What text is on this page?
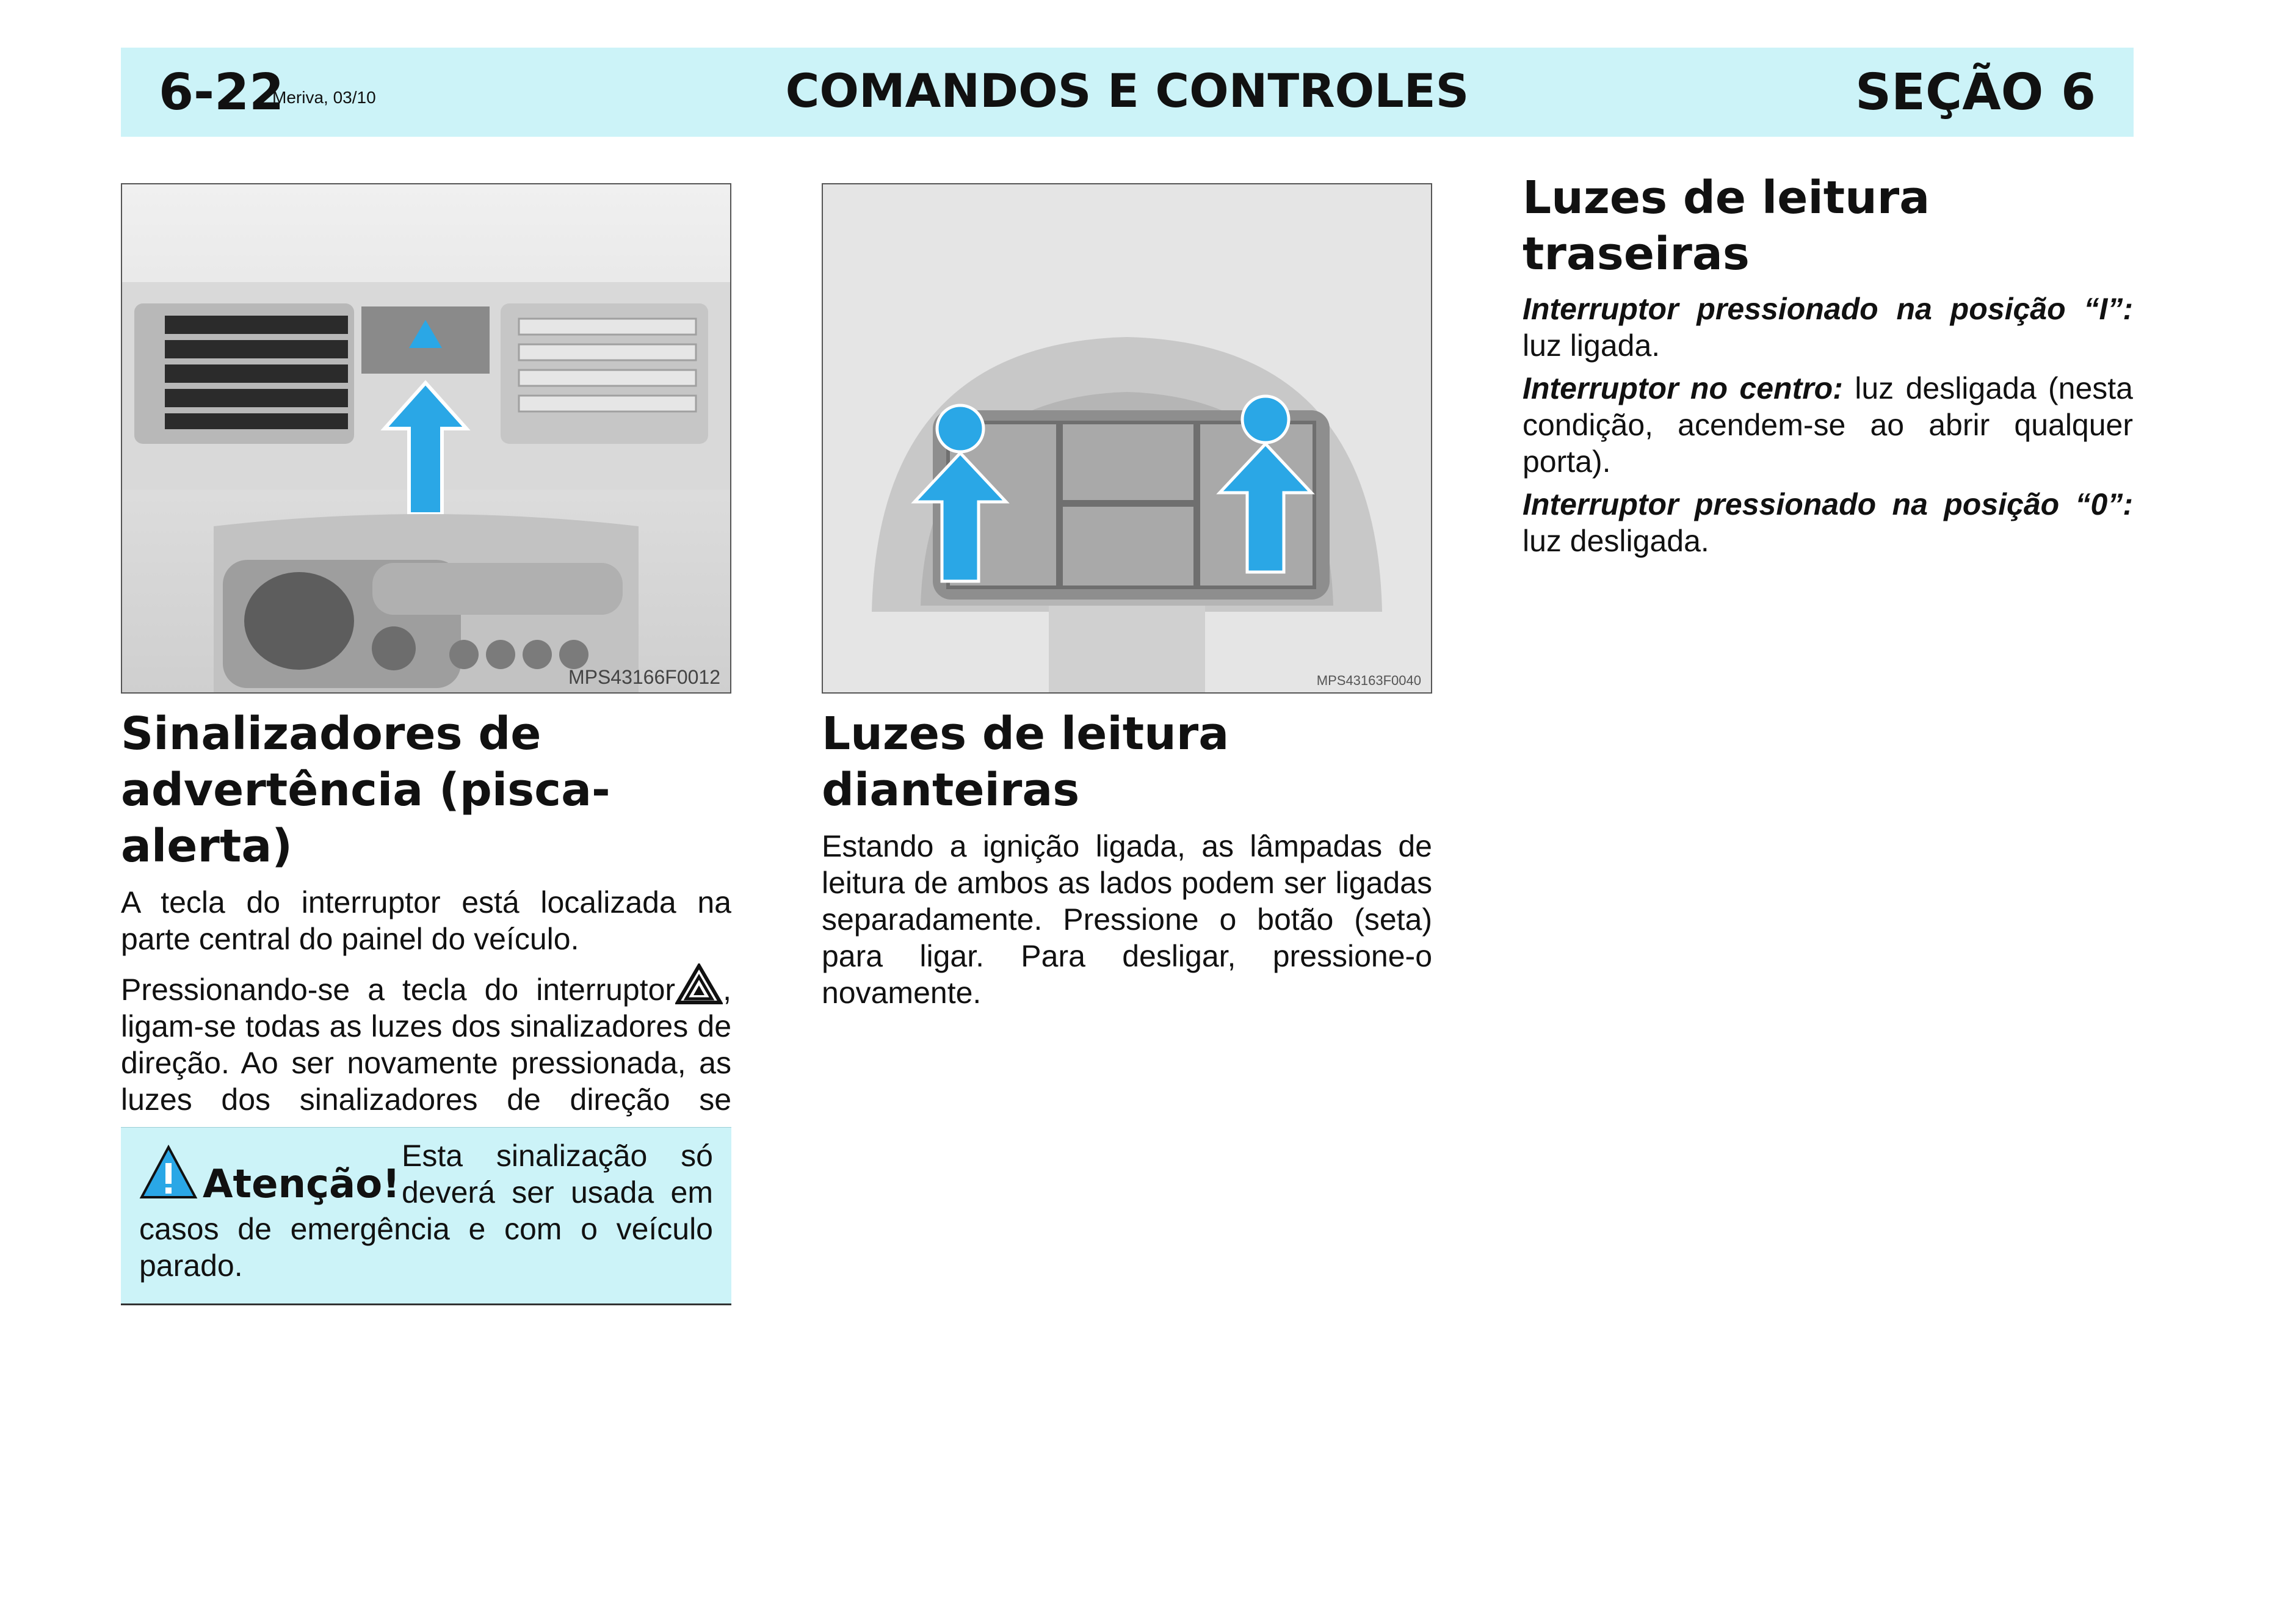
6-22
Meriva, 03/10	COMANDOS E CONTROLES	SEÇÃO 6
MPS43166F0012	MPS43163F0040
Sinalizadores de
advertência (pisca-alerta)

A tecla do interruptor está localizada na parte central do painel do veículo.

Pressionando-se a tecla do interruptor , ligam-se todas as luzes dos sinalizadores de direção. Ao ser novamente pressionada, as luzes dos sinalizadores de direção se

Atenção!

Esta sinalização só deverá ser usada em casos de emergência e com o veículo parado.

Luzes de leitura
dianteiras

Estando a ignição ligada, as lâmpadas de leitura de ambos as lados podem ser ligadas separadamente. Pressione o botão (seta) para ligar. Para desligar, pressione-o novamente.

Luzes de leitura traseiras

Interruptor pressionado na posição “I”: luz ligada.

Interruptor no centro: luz desligada (nesta condição, acendem-se ao abrir qualquer porta).

Interruptor pressionado na posição “0”: luz desligada.
